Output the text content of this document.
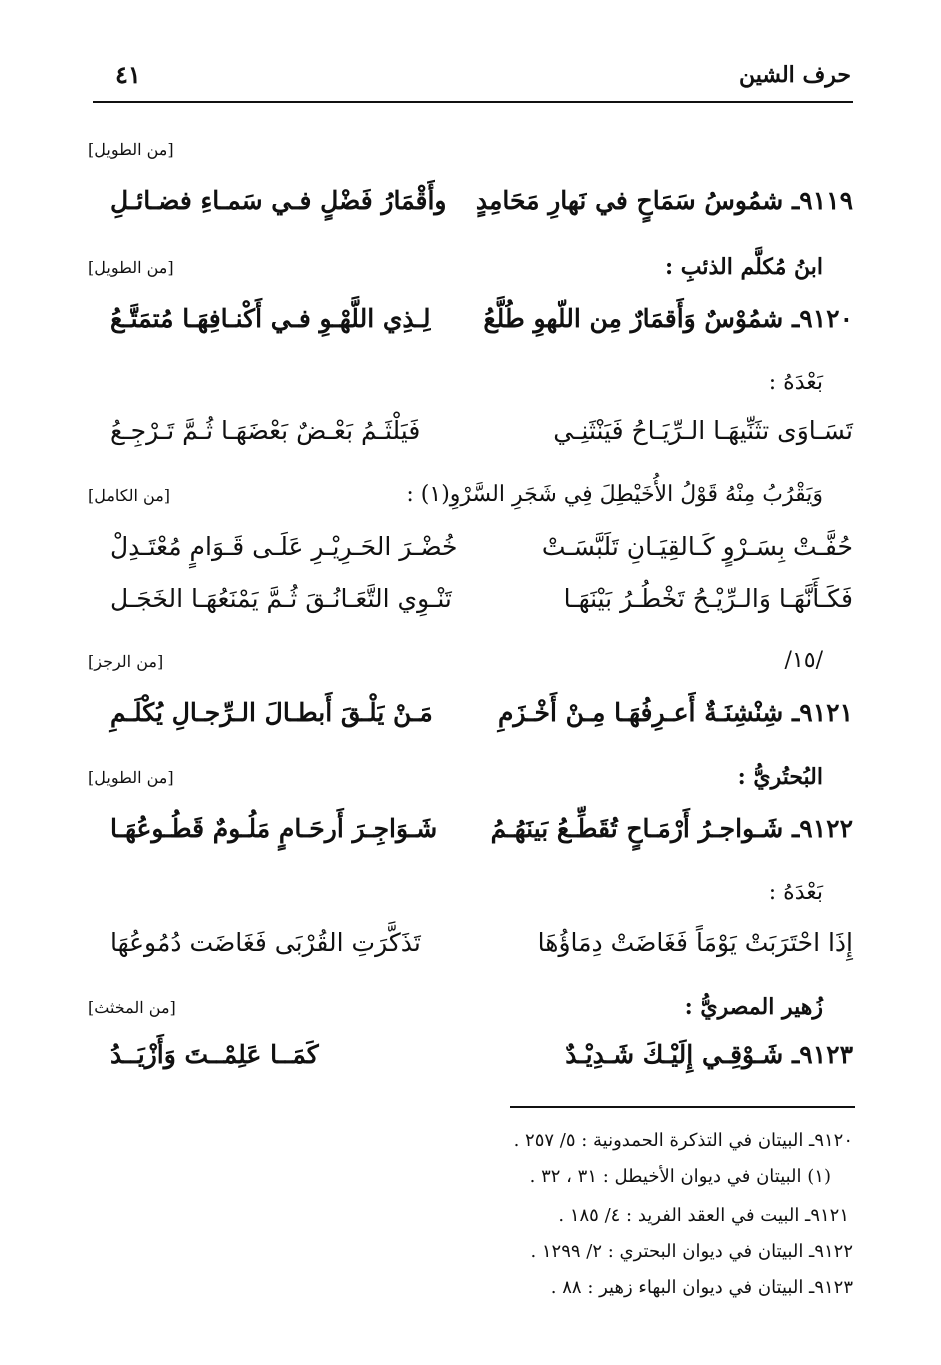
حرف الشين
٤١
[من الطويل]
٩١١٩ـ شمُوسُ سَمَاحٍ في نَهارِ مَحَامِدٍ
وأَقْمَارُ فَضْلٍ فـي سَمـاءِ فضـائـلِ
ابنُ مُكلَّم الذئبِ :
[من الطويل]
٩١٢٠ـ شمُوْسٌ وَأَقمَارٌ مِن اللّهوِ طُلَّعُ
لِـذِي اللَّهْـوِ فـي أَكْنـافِهَـا مُتمَتَّـعُ
بَعْدَهُ :
تَسَـاوَى تثَنِّيهَـا الـرِّيَـاحُ فَيَنْثَنِـي
فَيَلْثَـمُ بَعْـضٌ بَعْضَهَـا ثُـمَّ تَـرْجِـعُ
وَيَقْرُبُ مِنْهُ قَوْلُ الأُخَيْطِلَ فِي شَجَرِ السَّرْوِ(١) :
[من الكامل]
حُفَّـتْ بِسَـرْوٍ كَـالقِيَـانِ تَلَبَّسَـتْ
خُضْـرَ الحَـرِيْـرِ عَلَـى قَـوَامٍ مُعْتَـدِلْ
فَكَـأَنَّهَـا وَالـرِّيْـحُ تَخْطُـرُ بَيْنَهَـا
تَنْـوِي التَّعَـانُـقَ ثُـمَّ يَمْنَعُهَـا الخَجَـل
/١٥/
[من الرجز]
٩١٢١ـ شِنْشِنَـةٌ أَعـرِفُهَـا مِـنْ أَخْـزَمِ
مَـنْ يَلْـقَ أَبطـالَ الـرِّجـالِ يُكْلَـمِ
البُحتُريُّ :
[من الطويل]
٩١٢٢ـ شَـواجـرُ أَرْمَـاحٍ تُقَطِّـعُ بَينَهُـمُ
شَـوَاجِـرَ أَرحَـامٍ مَلُـومٌ قَطُـوعُهَـا
بَعْدَهُ :
إِذَا احْتَرَبَتْ يَوْمَاً فَغَاضَتْ دِمَاؤُهَا
تَذَكَّرَتِ القُرْبَى فَغَاضَت دُمُوعُهَا
زُهير المصريُّ :
[من المخثث]
٩١٢٣ـ شَـوْقِـي إِلَيْـكَ شَـدِيْـدٌ
كَمَــا عَلِمْــتَ وَأَزْيَــدُ
٩١٢٠ـ البيتان في التذكرة الحمدونية : ٥/ ٢٥٧ .
(١) البيتان في ديوان الأخيطل : ٣١ ، ٣٢ .
٩١٢١ـ البيت في العقد الفريد : ٤/ ١٨٥ .
٩١٢٢ـ البيتان في ديوان البحتري : ٢/ ١٢٩٩ .
٩١٢٣ـ البيتان في ديوان البهاء زهير : ٨٨ .
